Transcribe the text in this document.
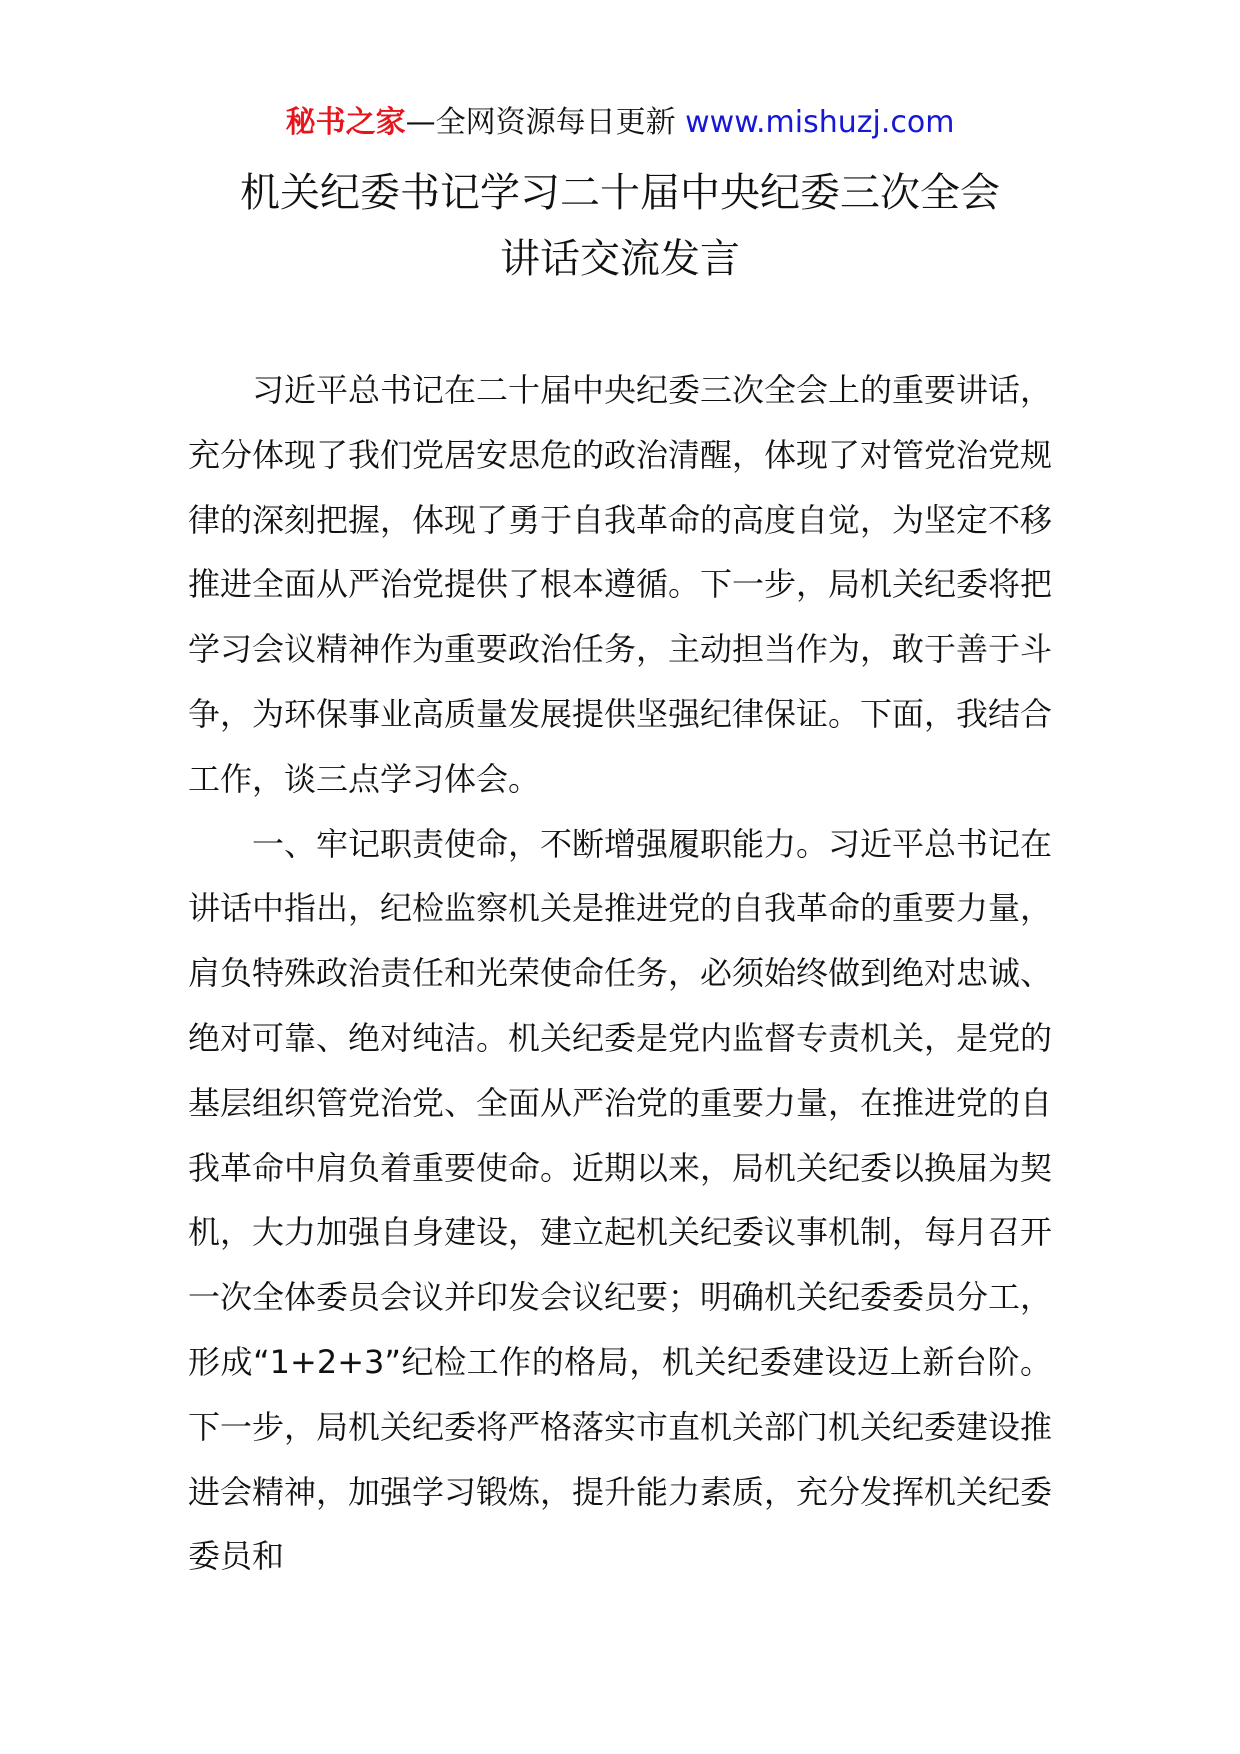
秘书之家—全网资源每日更新 www.mishuzj.com
机关纪委书记学习二十届中央纪委三次全会
讲话交流发言

习近平总书记在二十届中央纪委三次全会上的重要讲话，充分体现了我们党居安思危的政治清醒，体现了对管党治党规律的深刻把握，体现了勇于自我革命的高度自觉，为坚定不移推进全面从严治党提供了根本遵循。下一步，局机关纪委将把学习会议精神作为重要政治任务，主动担当作为，敢于善于斗争，为环保事业高质量发展提供坚强纪律保证。下面，我结合工作，谈三点学习体会。

一、牢记职责使命，不断增强履职能力。习近平总书记在讲话中指出，纪检监察机关是推进党的自我革命的重要力量，肩负特殊政治责任和光荣使命任务，必须始终做到绝对忠诚、绝对可靠、绝对纯洁。机关纪委是党内监督专责机关，是党的基层组织管党治党、全面从严治党的重要力量，在推进党的自我革命中肩负着重要使命。近期以来，局机关纪委以换届为契机，大力加强自身建设，建立起机关纪委议事机制，每月召开一次全体委员会议并印发会议纪要；明确机关纪委委员分工，形成“1+2+3”纪检工作的格局，机关纪委建设迈上新台阶。下一步，局机关纪委将严格落实市直机关部门机关纪委建设推进会精神，加强学习锻炼，提升能力素质，充分发挥机关纪委委员和
